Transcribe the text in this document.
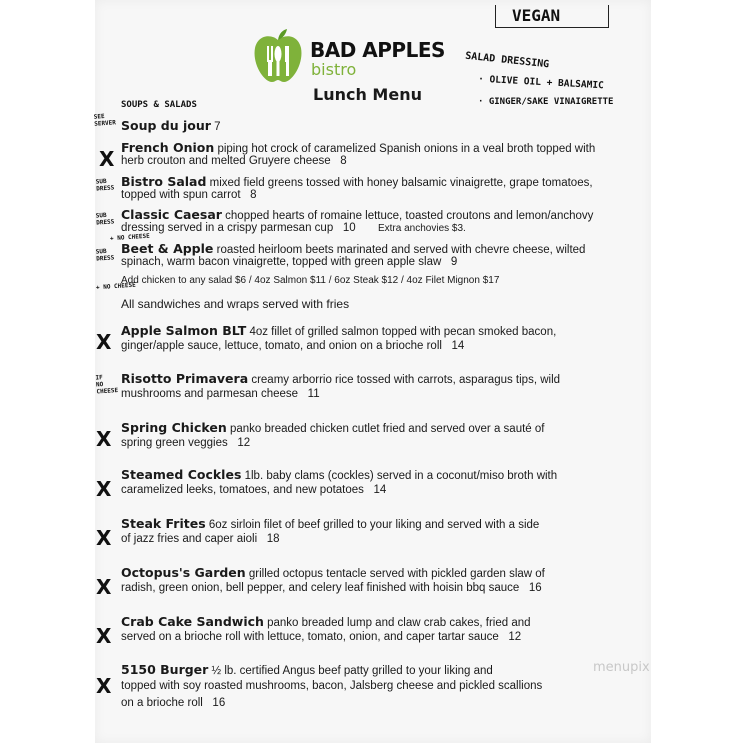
BAD APPLES
bistro
Lunch Menu
VEGAN
SALAD DRESSING
· OLIVE OIL + BALSAMIC
· GINGER/SAKE VINAIGRETTE
SOUPS & SALADS
SEE SERVER
SUB DRESS
SUB DRESS
+ NO CHEESE
SUB DRESS
+ NO CHEESE
IF NO CHEESE
Soup du jour 7
French Onion piping hot crock of caramelized Spanish onions in a veal broth topped with
herb crouton and melted Gruyere cheese 8
Bistro Salad mixed field greens tossed with honey balsamic vinaigrette, grape tomatoes,
topped with spun carrot 8
Classic Caesar chopped hearts of romaine lettuce, toasted croutons and lemon/anchovy
dressing served in a crispy parmesan cup 10 Extra anchovies $3.
Beet & Apple roasted heirloom beets marinated and served with chevre cheese, wilted
spinach, warm bacon vinaigrette, topped with green apple slaw 9
Add chicken to any salad $6 / 4oz Salmon $11 / 6oz Steak $12 / 4oz Filet Mignon $17
All sandwiches and wraps served with fries
Apple Salmon BLT 4oz fillet of grilled salmon topped with pecan smoked bacon,
ginger/apple sauce, lettuce, tomato, and onion on a brioche roll 14
Risotto Primavera creamy arborrio rice tossed with carrots, asparagus tips, wild
mushrooms and parmesan cheese 11
Spring Chicken panko breaded chicken cutlet fried and served over a sauté of
spring green veggies 12
Steamed Cockles 1lb. baby clams (cockles) served in a coconut/miso broth with
caramelized leeks, tomatoes, and new potatoes 14
Steak Frites 6oz sirloin filet of beef grilled to your liking and served with a side
of jazz fries and caper aioli 18
Octopus's Garden grilled octopus tentacle served with pickled garden slaw of
radish, green onion, bell pepper, and celery leaf finished with hoisin bbq sauce 16
Crab Cake Sandwich panko breaded lump and claw crab cakes, fried and
served on a brioche roll with lettuce, tomato, onion, and caper tartar sauce 12
5150 Burger ½ lb. certified Angus beef patty grilled to your liking and
topped with soy roasted mushrooms, bacon, Jalsberg cheese and pickled scallions
on a brioche roll 16
X
X
X
X
X
X
X
X
menupix
